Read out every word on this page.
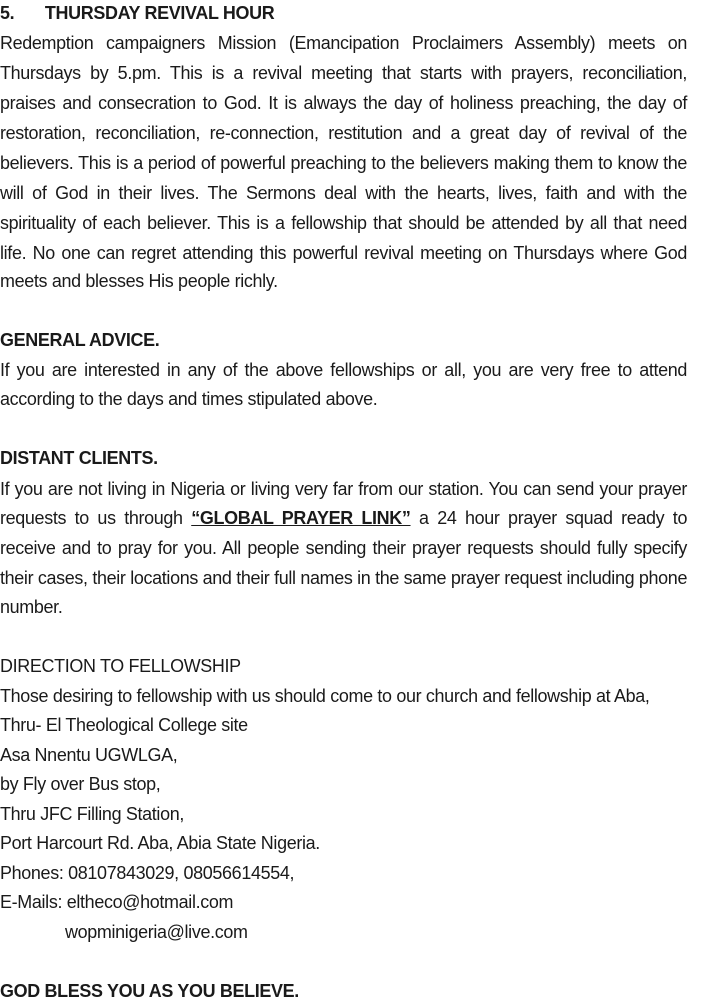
5. THURSDAY REVIVAL HOUR
Redemption campaigners Mission (Emancipation Proclaimers Assembly) meets on
Thursdays by 5.pm. This is a revival meeting that starts with prayers, reconciliation,
praises and consecration to God. It is always the day of holiness preaching, the day of
restoration, reconciliation, re-connection, restitution and a great day of revival of the
believers. This is a period of powerful preaching to the believers making them to know the
will of God in their lives. The Sermons deal with the hearts, lives, faith and with the
spirituality of each believer. This is a fellowship that should be attended by all that need
life. No one can regret attending this powerful revival meeting on Thursdays where God
meets and blesses His people richly.
GENERAL ADVICE.
If you are interested in any of the above fellowships or all, you are very free to attend
according to the days and times stipulated above.
DISTANT CLIENTS.
If you are not living in Nigeria or living very far from our station. You can send your prayer
requests to us through “GLOBAL PRAYER LINK” a 24 hour prayer squad ready to
receive and to pray for you. All people sending their prayer requests should fully specify
their cases, their locations and their full names in the same prayer request including phone
number.
DIRECTION TO FELLOWSHIP
Those desiring to fellowship with us should come to our church and fellowship at Aba,
Thru- El Theological College site
Asa Nnentu UGWLGA,
by Fly over Bus stop,
Thru JFC Filling Station,
Port Harcourt Rd. Aba, Abia State Nigeria.
Phones: 08107843029, 08056614554,
E-Mails: eltheco@hotmail.com
wopminigeria@live.com
GOD BLESS YOU AS YOU BELIEVE.
